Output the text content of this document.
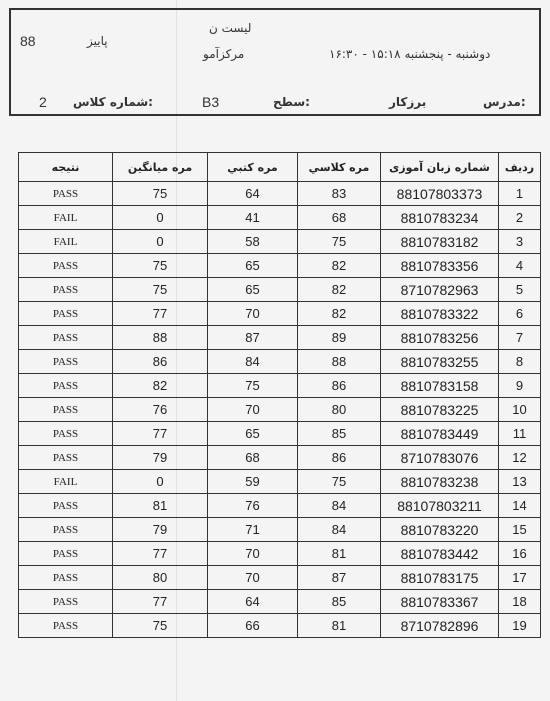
88	پاییز
لیست ن
مرکزآمو	دوشنبه - پنجشنبه ۱۵:۱۸ - ۱۶:۳۰
2 شماره کلاس:	B3	سطح:	برزکار	مدرس:
ردیف	شماره زبان آموزی	مره كلاسي	مره كتبي	مره ميانگين	نتیجه
1	88107803373	83	64	75	PASS
2	8810783234	68	41	0	FAIL
3	8810783182	75	58	0	FAIL
4	8810783356	82	65	75	PASS
5	8710782963	82	65	75	PASS
6	8810783322	82	70	77	PASS
7	8810783256	89	87	88	PASS
8	8810783255	88	84	86	PASS
9	8810783158	86	75	82	PASS
10	8810783225	80	70	76	PASS
11	8810783449	85	65	77	PASS
12	8710783076	86	68	79	PASS
13	8810783238	75	59	0	FAIL
14	88107803211	84	76	81	PASS
15	8810783220	84	71	79	PASS
16	8810783442	81	70	77	PASS
17	8810783175	87	70	80	PASS
18	8810783367	85	64	77	PASS
19	8710782896	81	66	75	PASS
